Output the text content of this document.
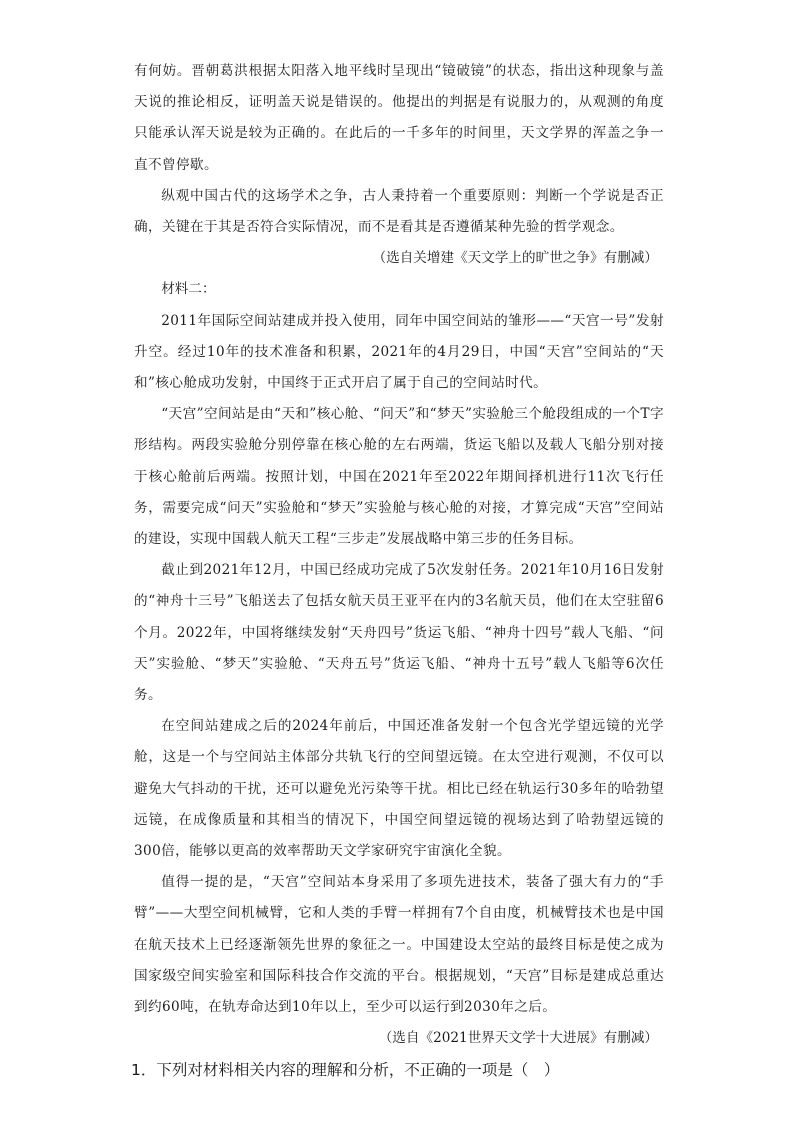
有何妨。晋朝葛洪根据太阳落入地平线时呈现出“镜破镜”的状态，指出这种现象与盖天说的推论相反，证明盖天说是错误的。他提出的判据是有说服力的，从观测的角度只能承认浑天说是较为正确的。在此后的一千多年的时间里，天文学界的浑盖之争一直不曾停歇。

纵观中国古代的这场学术之争，古人秉持着一个重要原则：判断一个学说是否正确，关键在于其是否符合实际情况，而不是看其是否遵循某种先验的哲学观念。

（选自关增建《天文学上的旷世之争》有删减）

材料二：

2011年国际空间站建成并投入使用，同年中国空间站的雏形——“天宫一号”发射升空。经过10年的技术准备和积累，2021年的4月29日，中国“天宫”空间站的“天和”核心舱成功发射，中国终于正式开启了属于自己的空间站时代。

“天宫”空间站是由“天和”核心舱、“问天”和“梦天”实验舱三个舱段组成的一个T字形结构。两段实验舱分别停靠在核心舱的左右两端，货运飞船以及载人飞船分别对接于核心舱前后两端。按照计划，中国在2021年至2022年期间择机进行11次飞行任务，需要完成“问天”实验舱和“梦天”实验舱与核心舱的对接，才算完成“天宫”空间站的建设，实现中国载人航天工程“三步走”发展战略中第三步的任务目标。

截止到2021年12月，中国已经成功完成了5次发射任务。2021年10月16日发射的“神舟十三号”飞船送去了包括女航天员王亚平在内的3名航天员，他们在太空驻留6个月。2022年，中国将继续发射“天舟四号”货运飞船、“神舟十四号”载人飞船、“问天”实验舱、“梦天”实验舱、“天舟五号”货运飞船、“神舟十五号”载人飞船等6次任务。

在空间站建成之后的2024年前后，中国还准备发射一个包含光学望远镜的光学舱，这是一个与空间站主体部分共轨飞行的空间望远镜。在太空进行观测，不仅可以避免大气抖动的干扰，还可以避免光污染等干扰。相比已经在轨运行30多年的哈勃望远镜，在成像质量和其相当的情况下，中国空间望远镜的视场达到了哈勃望远镜的300倍，能够以更高的效率帮助天文学家研究宇宙演化全貌。

值得一提的是，“天宫”空间站本身采用了多项先进技术，装备了强大有力的“手臂”——大型空间机械臂，它和人类的手臂一样拥有7个自由度，机械臂技术也是中国在航天技术上已经逐渐领先世界的象征之一。中国建设太空站的最终目标是使之成为国家级空间实验室和国际科技合作交流的平台。根据规划，“天宫”目标是建成总重达到约60吨，在轨寿命达到10年以上，至少可以运行到2030年之后。

（选自《2021世界天文学十大进展》有删减）

1．下列对材料相关内容的理解和分析，不正确的一项是（　）
